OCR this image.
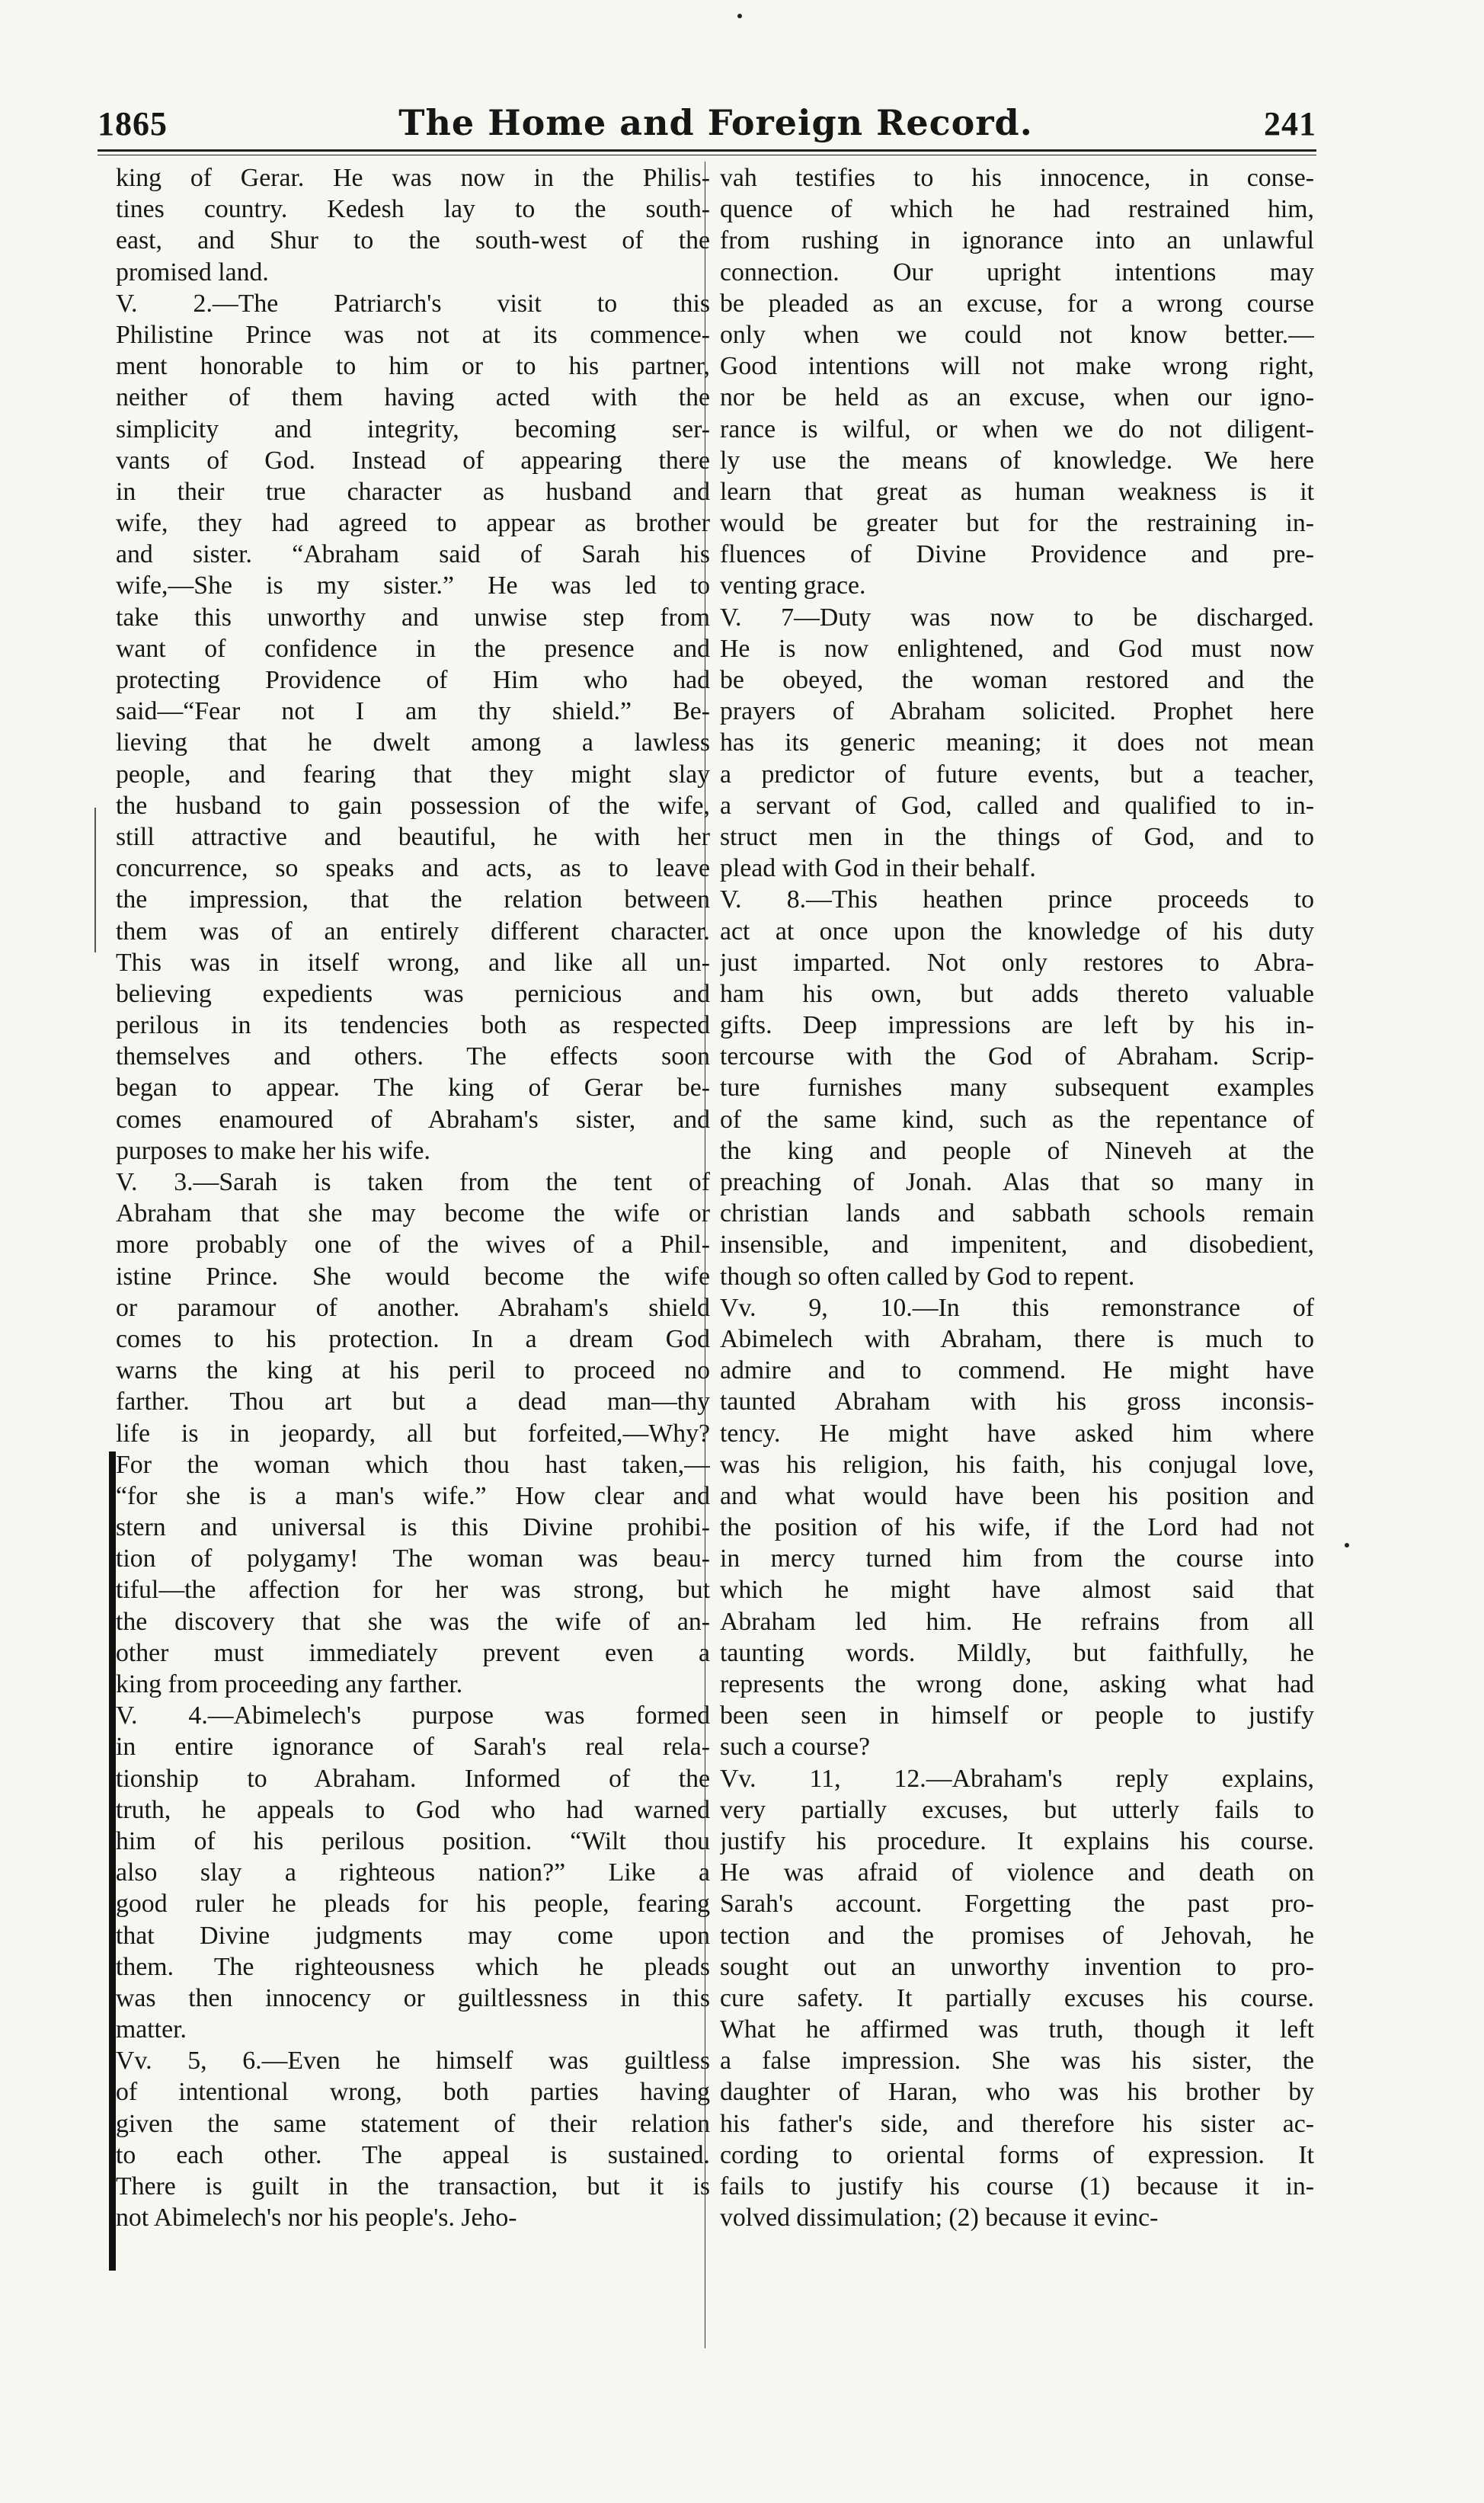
1865	The Home and Foreign Record.	241
king of Gerar. He was now in the Philis-
tines country. Kedesh lay to the south-
east, and Shur to the south-west of the
promised land.
V. 2.—The Patriarch's visit to this
Philistine Prince was not at its commence-
ment honorable to him or to his partner,
neither of them having acted with the
simplicity and integrity, becoming ser-
vants of God. Instead of appearing there
in their true character as husband and
wife, they had agreed to appear as brother
and sister. “Abraham said of Sarah his
wife,—She is my sister.” He was led to
take this unworthy and unwise step from
want of confidence in the presence and
protecting Providence of Him who had
said—“Fear not I am thy shield.” Be-
lieving that he dwelt among a lawless
people, and fearing that they might slay
the husband to gain possession of the wife,
still attractive and beautiful, he with her
concurrence, so speaks and acts, as to leave
the impression, that the relation between
them was of an entirely different character.
This was in itself wrong, and like all un-
believing expedients was pernicious and
perilous in its tendencies both as respected
themselves and others. The effects soon
began to appear. The king of Gerar be-
comes enamoured of Abraham's sister, and
purposes to make her his wife.
V. 3.—Sarah is taken from the tent of
Abraham that she may become the wife or
more probably one of the wives of a Phil-
istine Prince. She would become the wife
or paramour of another. Abraham's shield
comes to his protection. In a dream God
warns the king at his peril to proceed no
farther. Thou art but a dead man—thy
life is in jeopardy, all but forfeited,—Why?
For the woman which thou hast taken,—
“for she is a man's wife.” How clear and
stern and universal is this Divine prohibi-
tion of polygamy! The woman was beau-
tiful—the affection for her was strong, but
the discovery that she was the wife of an-
other must immediately prevent even a
king from proceeding any farther.
V. 4.—Abimelech's purpose was formed
in entire ignorance of Sarah's real rela-
tionship to Abraham. Informed of the
truth, he appeals to God who had warned
him of his perilous position. “Wilt thou
also slay a righteous nation?” Like a
good ruler he pleads for his people, fearing
that Divine judgments may come upon
them. The righteousness which he pleads
was then innocency or guiltlessness in this
matter.
Vv. 5, 6.—Even he himself was guiltless
of intentional wrong, both parties having
given the same statement of their relation
to each other. The appeal is sustained.
There is guilt in the transaction, but it is
not Abimelech's nor his people's. Jeho-
vah testifies to his innocence, in conse-
quence of which he had restrained him,
from rushing in ignorance into an unlawful
connection. Our upright intentions may
be pleaded as an excuse, for a wrong course
only when we could not know better.—
Good intentions will not make wrong right,
nor be held as an excuse, when our igno-
rance is wilful, or when we do not diligent-
ly use the means of knowledge. We here
learn that great as human weakness is it
would be greater but for the restraining in-
fluences of Divine Providence and pre-
venting grace.
V. 7—Duty was now to be discharged.
He is now enlightened, and God must now
be obeyed, the woman restored and the
prayers of Abraham solicited. Prophet here
has its generic meaning; it does not mean
a predictor of future events, but a teacher,
a servant of God, called and qualified to in-
struct men in the things of God, and to
plead with God in their behalf.
V. 8.—This heathen prince proceeds to
act at once upon the knowledge of his duty
just imparted. Not only restores to Abra-
ham his own, but adds thereto valuable
gifts. Deep impressions are left by his in-
tercourse with the God of Abraham. Scrip-
ture furnishes many subsequent examples
of the same kind, such as the repentance of
the king and people of Nineveh at the
preaching of Jonah. Alas that so many in
christian lands and sabbath schools remain
insensible, and impenitent, and disobedient,
though so often called by God to repent.
Vv. 9, 10.—In this remonstrance of
Abimelech with Abraham, there is much to
admire and to commend. He might have
taunted Abraham with his gross inconsis-
tency. He might have asked him where
was his religion, his faith, his conjugal love,
and what would have been his position and
the position of his wife, if the Lord had not
in mercy turned him from the course into
which he might have almost said that
Abraham led him. He refrains from all
taunting words. Mildly, but faithfully, he
represents the wrong done, asking what had
been seen in himself or people to justify
such a course?
Vv. 11, 12.—Abraham's reply explains,
very partially excuses, but utterly fails to
justify his procedure. It explains his course.
He was afraid of violence and death on
Sarah's account. Forgetting the past pro-
tection and the promises of Jehovah, he
sought out an unworthy invention to pro-
cure safety. It partially excuses his course.
What he affirmed was truth, though it left
a false impression. She was his sister, the
daughter of Haran, who was his brother by
his father's side, and therefore his sister ac-
cording to oriental forms of expression. It
fails to justify his course (1) because it in-
volved dissimulation; (2) because it evinc-
